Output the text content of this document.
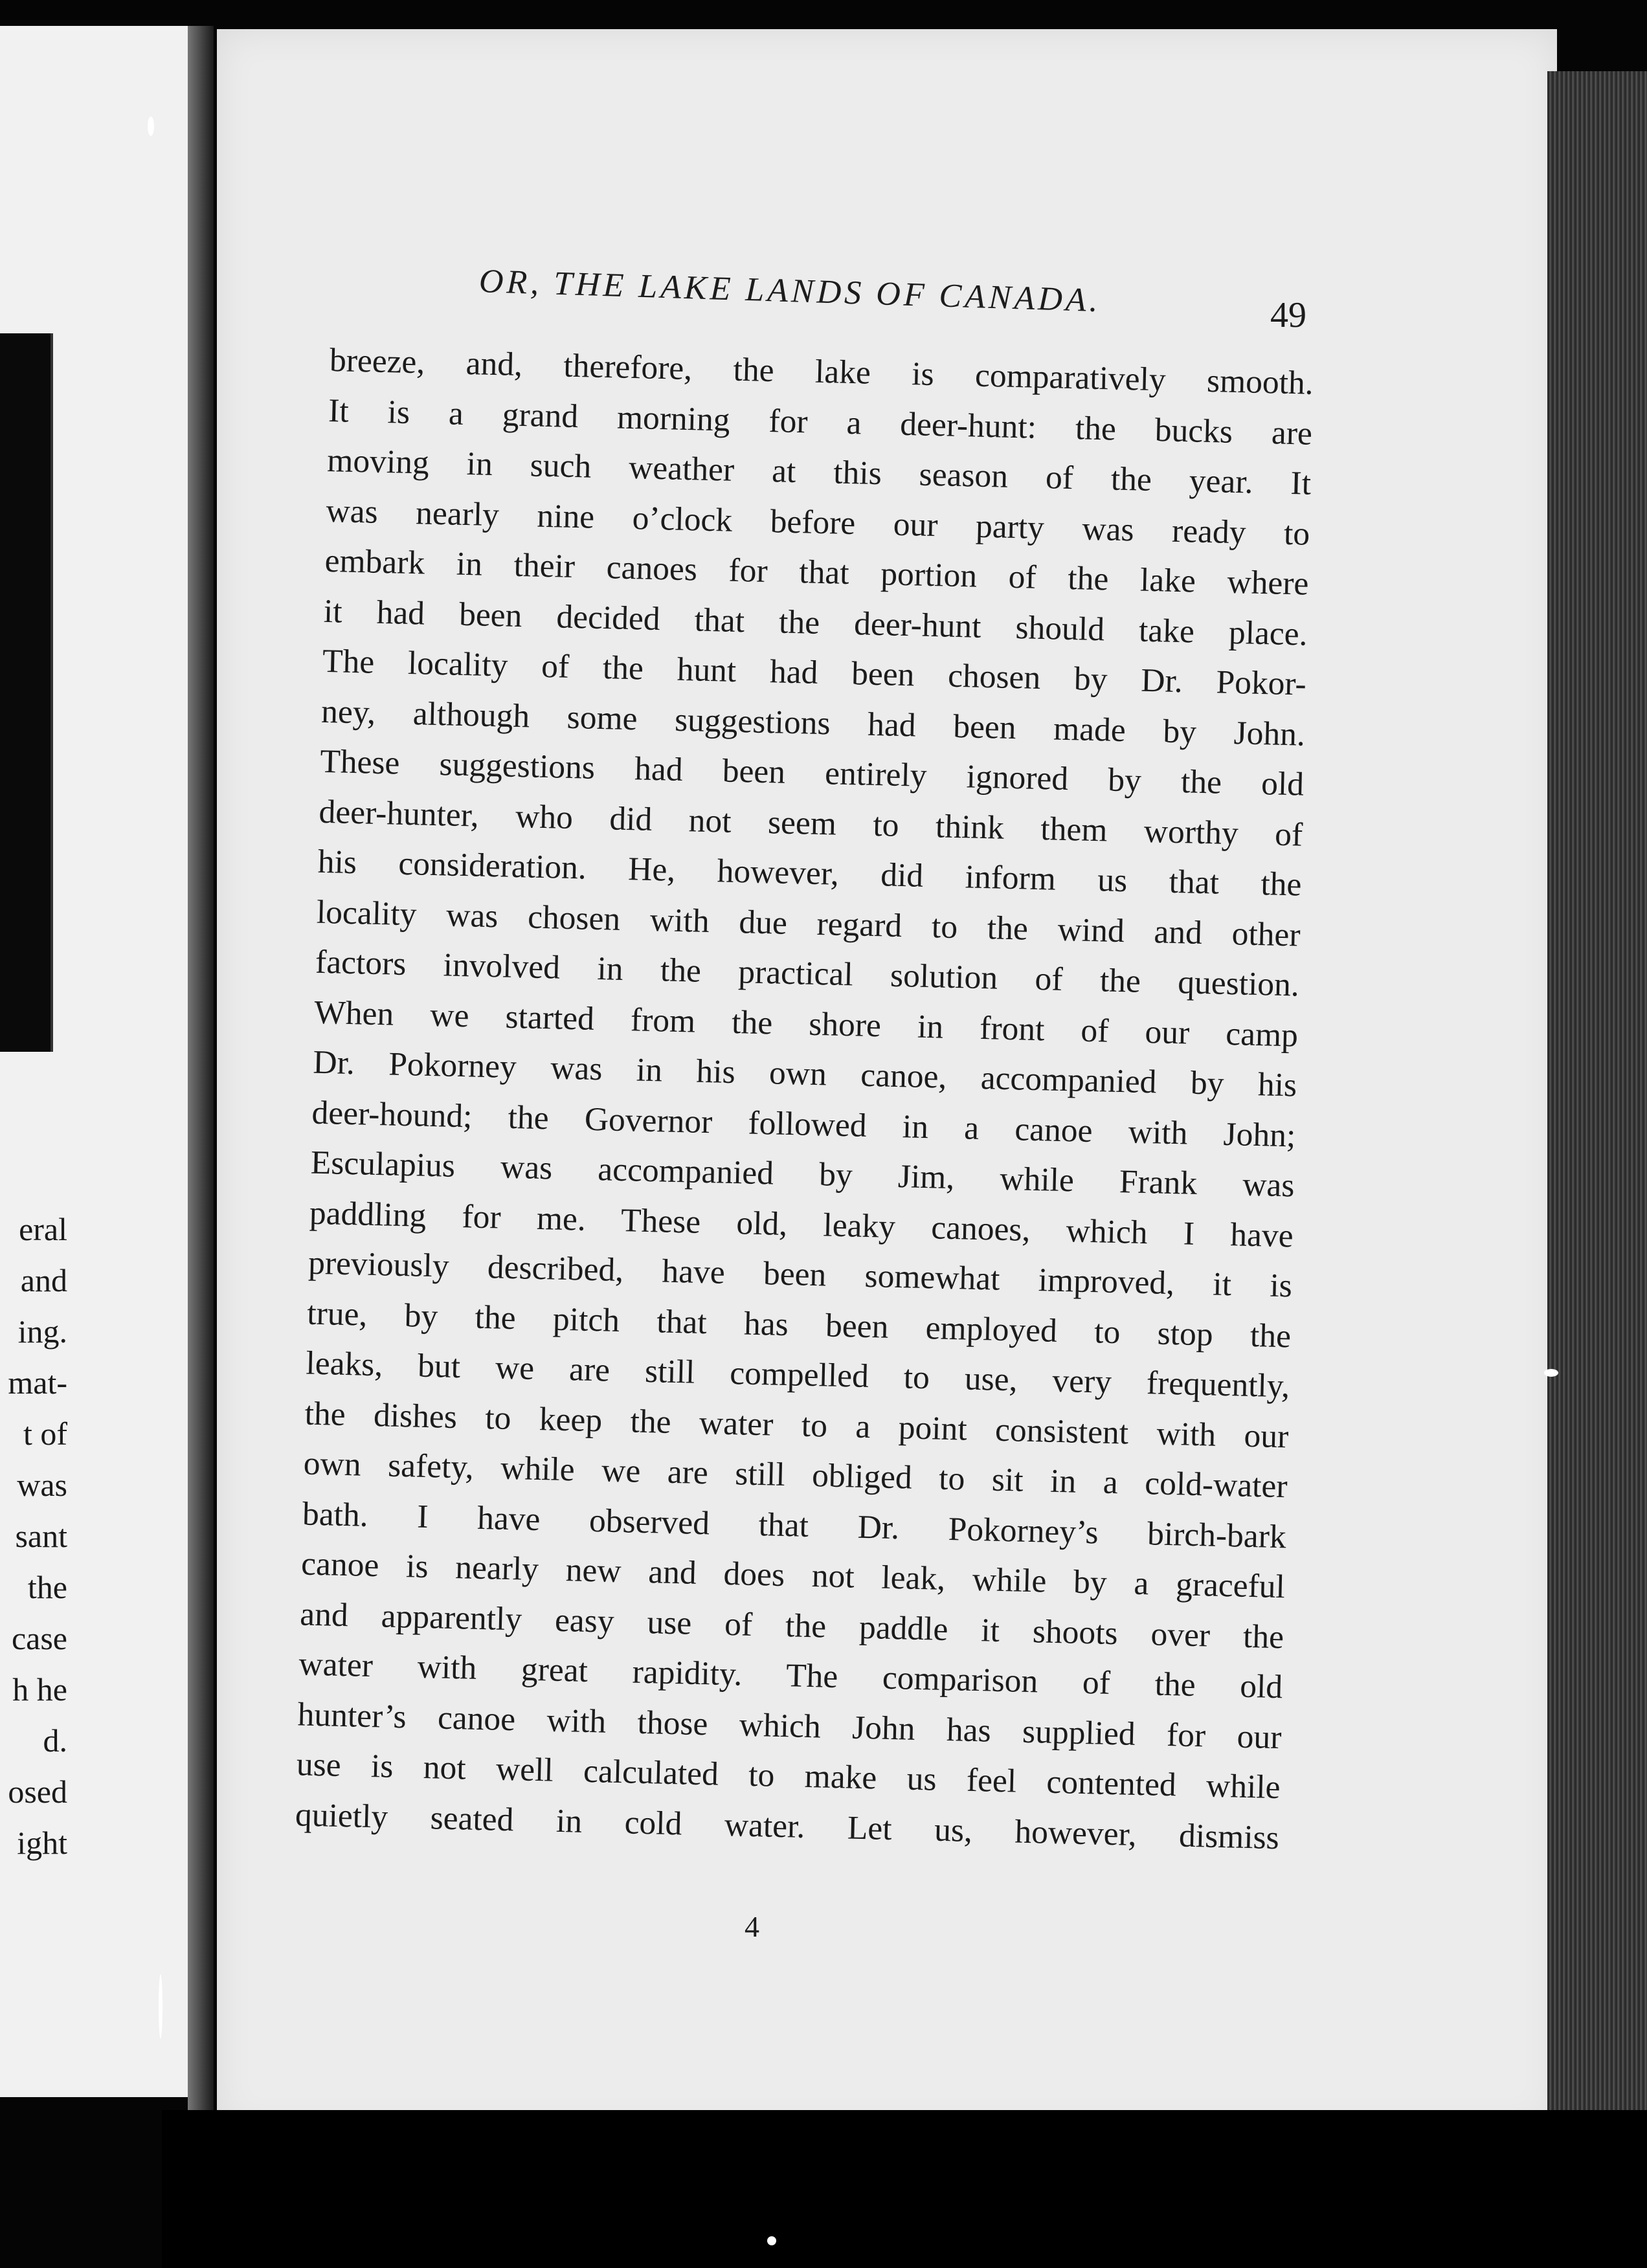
eral
and
ing.
mat-
t of
was
sant
the
case
h he
d.
osed
ight
OR, THE LAKE LANDS OF CANADA.	49
breeze, and, therefore, the lake is comparatively smooth.
It is a grand morning for a deer-hunt: the bucks are
moving in such weather at this season of the year. It
was nearly nine o’clock before our party was ready to
embark in their canoes for that portion of the lake where
it had been decided that the deer-hunt should take place.
The locality of the hunt had been chosen by Dr. Pokor-
ney, although some suggestions had been made by John.
These suggestions had been entirely ignored by the old
deer-hunter, who did not seem to think them worthy of
his consideration. He, however, did inform us that the
locality was chosen with due regard to the wind and other
factors involved in the practical solution of the question.
When we started from the shore in front of our camp
Dr. Pokorney was in his own canoe, accompanied by his
deer-hound; the Governor followed in a canoe with John;
Esculapius was accompanied by Jim, while Frank was
paddling for me. These old, leaky canoes, which I have
previously described, have been somewhat improved, it is
true, by the pitch that has been employed to stop the
leaks, but we are still compelled to use, very frequently,
the dishes to keep the water to a point consistent with our
own safety, while we are still obliged to sit in a cold-water
bath. I have observed that Dr. Pokorney’s birch-bark
canoe is nearly new and does not leak, while by a graceful
and apparently easy use of the paddle it shoots over the
water with great rapidity. The comparison of the old
hunter’s canoe with those which John has supplied for our
use is not well calculated to make us feel contented while
quietly seated in cold water. Let us, however, dismiss
4
